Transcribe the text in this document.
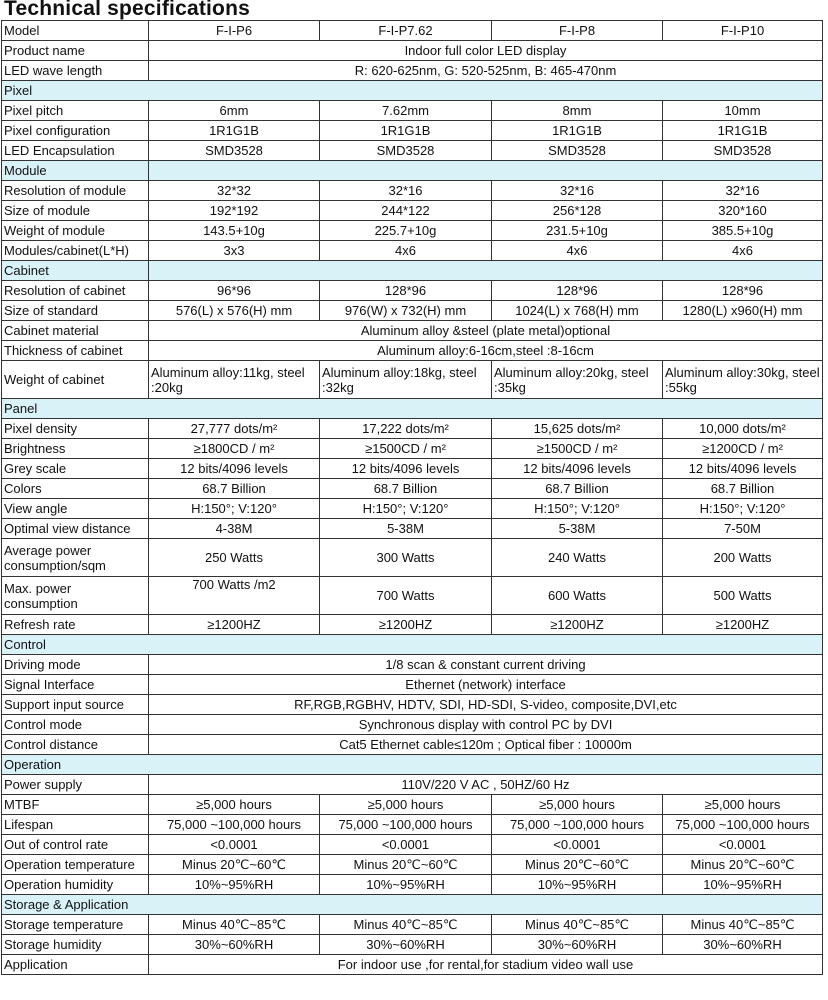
Technical specifications
Model	F-I-P6	F-I-P7.62	F-I-P8	F-I-P10
Product name	Indoor full color LED display			
LED wave length	R: 620-625nm, G: 520-525nm, B: 465-470nm			
Pixel				
Pixel pitch	6mm	7.62mm	8mm	10mm
Pixel configuration	1R1G1B	1R1G1B	1R1G1B	1R1G1B
LED Encapsulation	SMD3528	SMD3528	SMD3528	SMD3528
Module				
Resolution of module	32*32	32*16	32*16	32*16
Size of module	192*192	244*122	256*128	320*160
Weight of module	143.5+10g	225.7+10g	231.5+10g	385.5+10g
Modules/cabinet(L*H)	3x3	4x6	4x6	4x6
Cabinet				
Resolution of cabinet	96*96	128*96	128*96	128*96
Size of standard	576(L) x 576(H) mm	976(W) x 732(H) mm	1024(L) x 768(H) mm	1280(L) x960(H) mm
Cabinet material	Aluminum alloy &steel (plate metal)optional			
Thickness of cabinet	Aluminum alloy:6-16cm,steel :8-16cm			
Weight of cabinet	Aluminum alloy:11kg, steel :20kg	Aluminum alloy:18kg, steel :32kg	Aluminum alloy:20kg, steel :35kg	Aluminum alloy:30kg, steel :55kg
Panel				
Pixel density	27,777 dots/m²	17,222 dots/m²	15,625 dots/m²	10,000 dots/m²
Brightness	≥1800CD / m²	≥1500CD / m²	≥1500CD / m²	≥1200CD / m²
Grey scale	12 bits/4096 levels	12 bits/4096 levels	12 bits/4096 levels	12 bits/4096 levels
Colors	68.7 Billion	68.7 Billion	68.7 Billion	68.7 Billion
View angle	H:150°; V:120°	H:150°; V:120°	H:150°; V:120°	H:150°; V:120°
Optimal view distance	4-38M	5-38M	5-38M	7-50M
Average power consumption/sqm	250 Watts	300 Watts	240 Watts	200 Watts
Max. power consumption	700 Watts /m2	700 Watts	600 Watts	500 Watts
Refresh rate	≥1200HZ	≥1200HZ	≥1200HZ	≥1200HZ
Control				
Driving mode	1/8 scan & constant current driving			
Signal Interface	Ethernet (network) interface			
Support input source	RF,RGB,RGBHV, HDTV, SDI, HD-SDI, S-video, composite,DVI,etc			
Control mode	Synchronous display with control PC by DVI			
Control distance	Cat5 Ethernet cable≤120m ; Optical fiber : 10000m			
Operation				
Power supply	110V/220 V AC , 50HZ/60 Hz			
MTBF	≥5,000 hours	≥5,000 hours	≥5,000 hours	≥5,000 hours
Lifespan	75,000 ~100,000 hours	75,000 ~100,000 hours	75,000 ~100,000 hours	75,000 ~100,000 hours
Out of control rate	<0.0001	<0.0001	<0.0001	<0.0001
Operation temperature	Minus 20℃~60℃	Minus 20℃~60℃	Minus 20℃~60℃	Minus 20℃~60℃
Operation humidity	10%~95%RH	10%~95%RH	10%~95%RH	10%~95%RH
Storage & Application				
Storage temperature	Minus 40℃~85℃	Minus 40℃~85℃	Minus 40℃~85℃	Minus 40℃~85℃
Storage humidity	30%~60%RH	30%~60%RH	30%~60%RH	30%~60%RH
Application	For indoor use ,for rental,for stadium video wall use			
